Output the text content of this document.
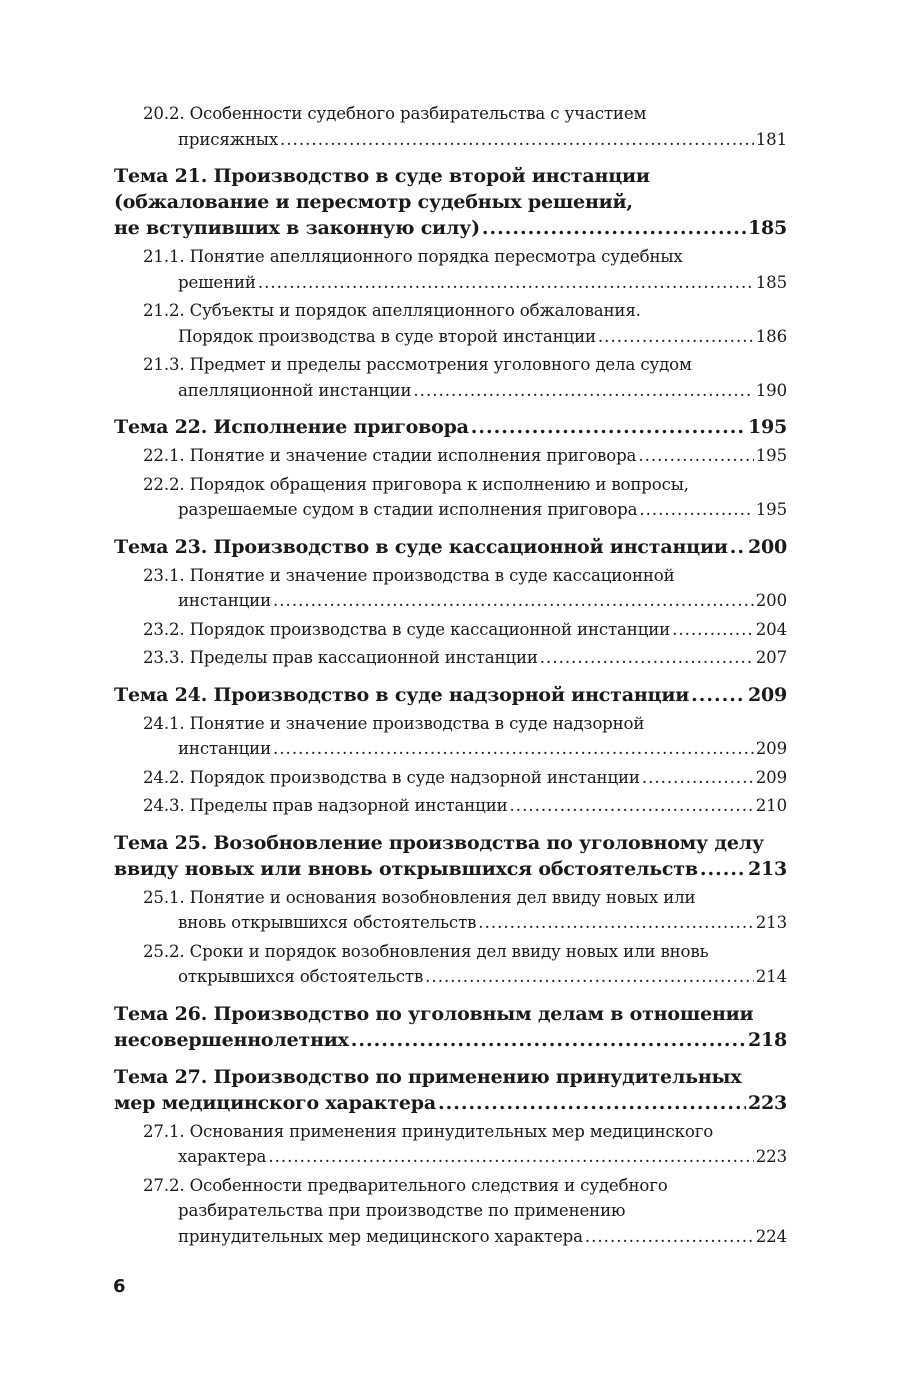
20.2. Особенности судебного разбирательства с участием
присяжных .....	181
Тема 21. Производство в суде второй инстанции
(обжалование и пересмотр судебных решений,
не вступивших в законную силу) .....	185
21.1. Понятие апелляционного порядка пересмотра судебных
решений .....	185
21.2. Субъекты и порядок апелляционного обжалования.
Порядок производства в суде второй инстанции .....	186
21.3. Предмет и пределы рассмотрения уголовного дела судом
апелляционной инстанции .....	190
Тема 22. Исполнение приговора .....	195
22.1. Понятие и значение стадии исполнения приговора .....	195
22.2. Порядок обращения приговора к исполнению и вопросы,
разрешаемые судом в стадии исполнения приговора .....	195
Тема 23. Производство в суде кассационной инстанции ..... 200
23.1. Понятие и значение производства в суде кассационной
инстанции .....	200
23.2. Порядок производства в суде кассационной инстанции .....	204
23.3. Пределы прав кассационной инстанции .....	207
Тема 24. Производство в суде надзорной инстанции .....	209
24.1. Понятие и значение производства в суде надзорной
инстанции .....	209
24.2. Порядок производства в суде надзорной инстанции .....	209
24.3. Пределы прав надзорной инстанции .....	210
Тема 25. Возобновление производства по уголовному делу
ввиду новых или вновь открывшихся обстоятельств .....	213
25.1. Понятие и основания возобновления дел ввиду новых или
вновь открывшихся обстоятельств .....	213
25.2. Сроки и порядок возобновления дел ввиду новых или вновь
открывшихся обстоятельств .....	214
Тема 26. Производство по уголовным делам в отношении
несовершеннолетних .....	218
Тема 27. Производство по применению принудительных
мер медицинского характера .....	223
27.1. Основания применения принудительных мер медицинского
характера .....	223
27.2. Особенности предварительного следствия и судебного
разбирательства при производстве по применению
принудительных мер медицинского характера .....	224
6
